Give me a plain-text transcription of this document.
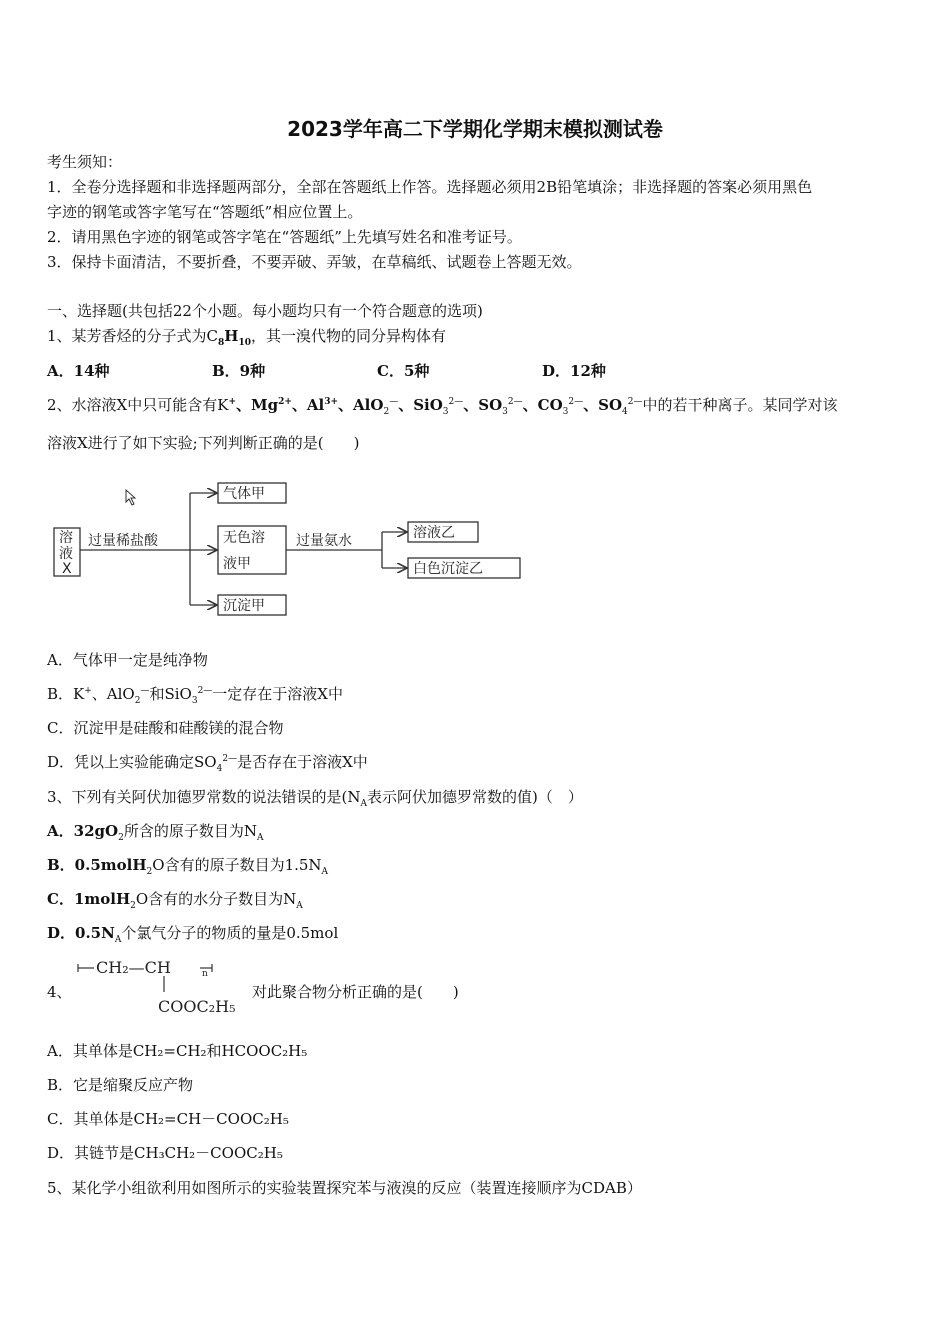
2023学年高二下学期化学期末模拟测试卷
考生须知：
1．全卷分选择题和非选择题两部分，全部在答题纸上作答。选择题必须用2B铅笔填涂；非选择题的答案必须用黑色
字迹的钢笔或答字笔写在“答题纸”相应位置上。
2．请用黑色字迹的钢笔或答字笔在“答题纸”上先填写姓名和准考证号。
3．保持卡面清洁，不要折叠，不要弄破、弄皱，在草稿纸、试题卷上答题无效。
一、选择题(共包括22个小题。每小题均只有一个符合题意的选项)
1、某芳香烃的分子式为$C_8H_{10}$，其一溴代物的同分异构体有
A．14种	B．9种	C．5种	D．12种
2、水溶液X中只可能含有K+、$Mg^{2+}$、$Al^{3+}$、AlO$_2$—、SiO$_3^{2—}$、$SO_3^{2—}$、$CO_3^{2—}$、$SO_4^{2—}$中的若干种离子。某同学对该
溶液X进行了如下实验;下列判断正确的是(　　)
溶
液
X
过量稀盐酸
气体甲
无色溶
液甲
沉淀甲
过量氨水	溶液乙
白色沉淀乙
A．气体甲一定是纯净物
B．K+、AlO$_2$—和SiO$_3^{2—}$一定存在于溶液X中
C．沉淀甲是硅酸和硅酸镁的混合物
D．凭以上实验能确定$SO_4^{2—}$是否存在于溶液X中
3、下列有关阿伏加德罗常数的说法错误的是($N_A$表示阿伏加德罗常数的值)（　）
A．$32gO_2$所含的原子数目为$N_A$
B．0.5molH$_2$O含有的原子数目为$1.5N_A$
C．1molH$_2$O含有的水分子数目为$N_A$
D．$0.5N_A$个氯气分子的物质的量是0.5mol
4、
CH₂—CH	n
COOC₂H₅
对此聚合物分析正确的是(　　)
A．其单体是CH₂=CH₂和HCOOC₂H₅
B．它是缩聚反应产物
C．其单体是CH₂=CH－COOC₂H₅
D．其链节是CH₃CH₂－COOC₂H₅
5、某化学小组欲利用如图所示的实验装置探究苯与液溴的反应（装置连接顺序为CDAB）
